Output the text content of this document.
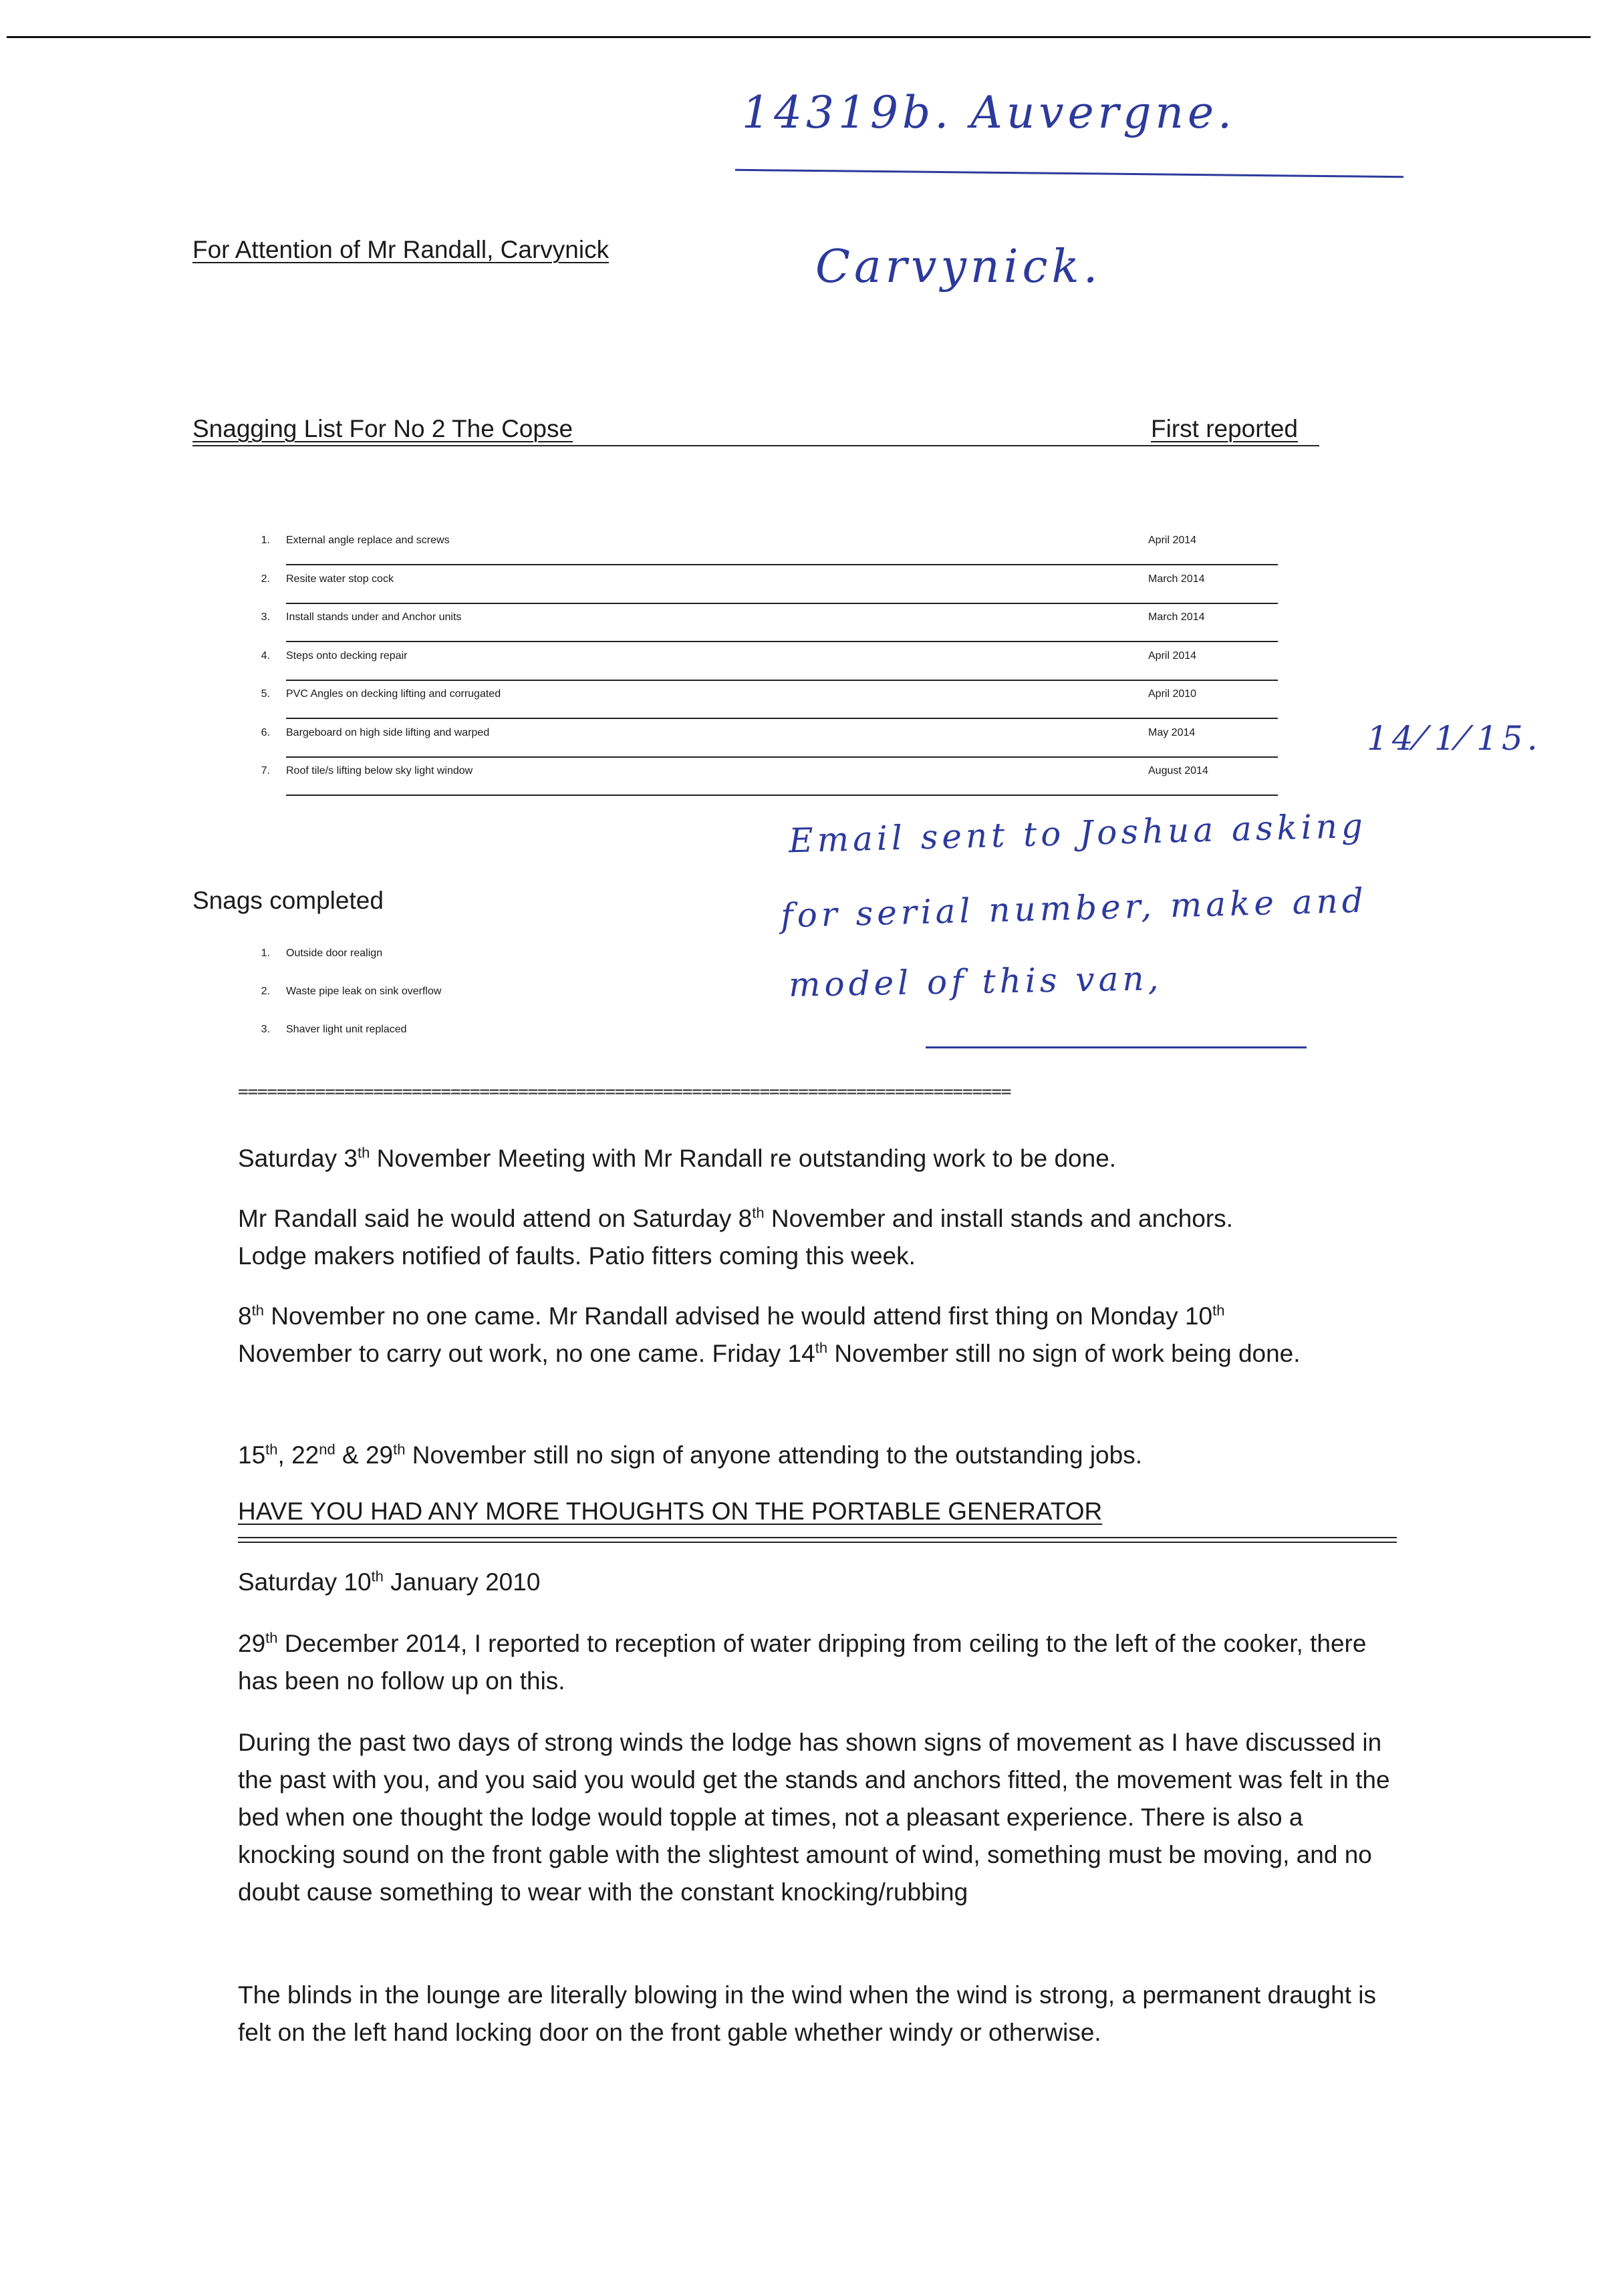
14319b. Auvergne.
Carvynick.
14⁄ 1⁄ 15.
Email sent to Joshua asking
for serial number, make and
model of this van,
For Attention of Mr Randall, Carvynick
Snagging List For No 2 The Copse	First reported
1. External angle replace and screws	April 2014
2. Resite water stop cock	March 2014
3. Install stands under and Anchor units	March 2014
4. Steps onto decking repair	April 2014
5. PVC Angles on decking lifting and corrugated	April 2010
6. Bargeboard on high side lifting and warped	May 2014
7. Roof tile/s lifting below sky light window	August 2014
Snags completed
1. Outside door realign
2. Waste pipe leak on sink overflow
3. Shaver light unit replaced
================================================================================
Saturday 3th November Meeting with Mr Randall re outstanding work to be done.
Mr Randall said he would attend on Saturday 8th November and install stands and anchors.
Lodge makers notified of faults. Patio fitters coming this week.
8th November no one came. Mr Randall advised he would attend first thing on Monday 10th
November to carry out work, no one came. Friday 14th November still no sign of work being done.
15th, 22nd & 29th November still no sign of anyone attending to the outstanding jobs.
HAVE YOU HAD ANY MORE THOUGHTS ON THE PORTABLE GENERATOR
Saturday 10th January 2010
29th December 2014, I reported to reception of water dripping from ceiling to the left of the cooker, there has been no follow up on this.
During the past two days of strong winds the lodge has shown signs of movement as I have discussed in the past with you, and you said you would get the stands and anchors fitted, the movement was felt in the bed when one thought the lodge would topple at times, not a pleasant experience. There is also a knocking sound on the front gable with the slightest amount of wind, something must be moving, and no doubt cause something to wear with the constant knocking/rubbing
The blinds in the lounge are literally blowing in the wind when the wind is strong, a permanent draught is felt on the left hand locking door on the front gable whether windy or otherwise.
